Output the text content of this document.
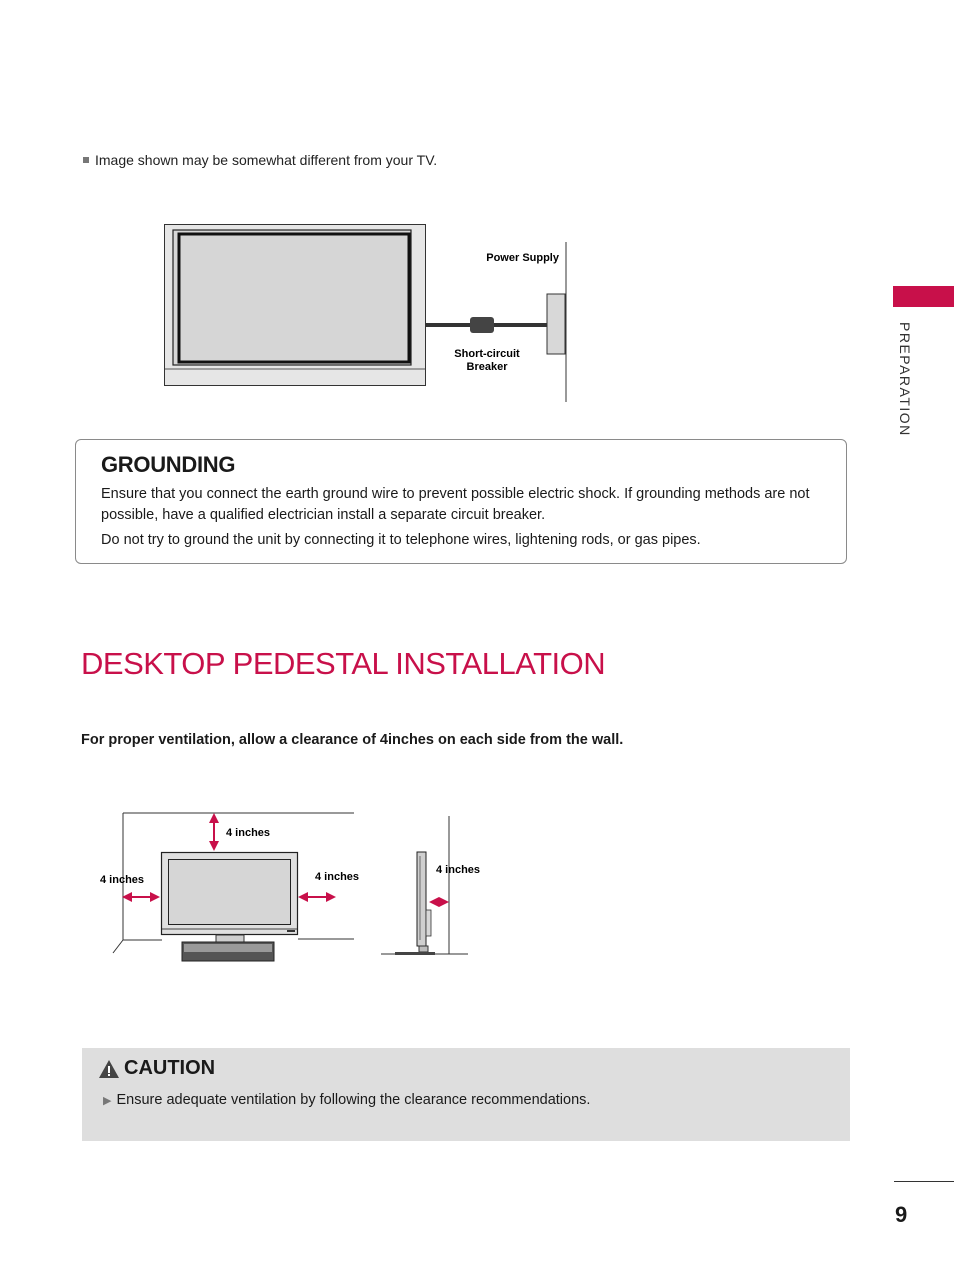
Image shown may be somewhat different from your TV.
Power Supply
Short-circuit Breaker
GROUNDING
Ensure that you connect the earth ground wire to prevent possible electric shock. If grounding methods are not possible, have a qualified electrician install a separate circuit breaker.
Do not try to ground the unit by connecting it to telephone wires, lightening rods, or gas pipes.
DESKTOP PEDESTAL INSTALLATION
For proper ventilation, allow a clearance of 4inches on each side from the wall.
4 inches
4 inches	4 inches
4 inches
CAUTION
▶ Ensure adequate ventilation by following the clearance recommendations.
PREPARATION
9
